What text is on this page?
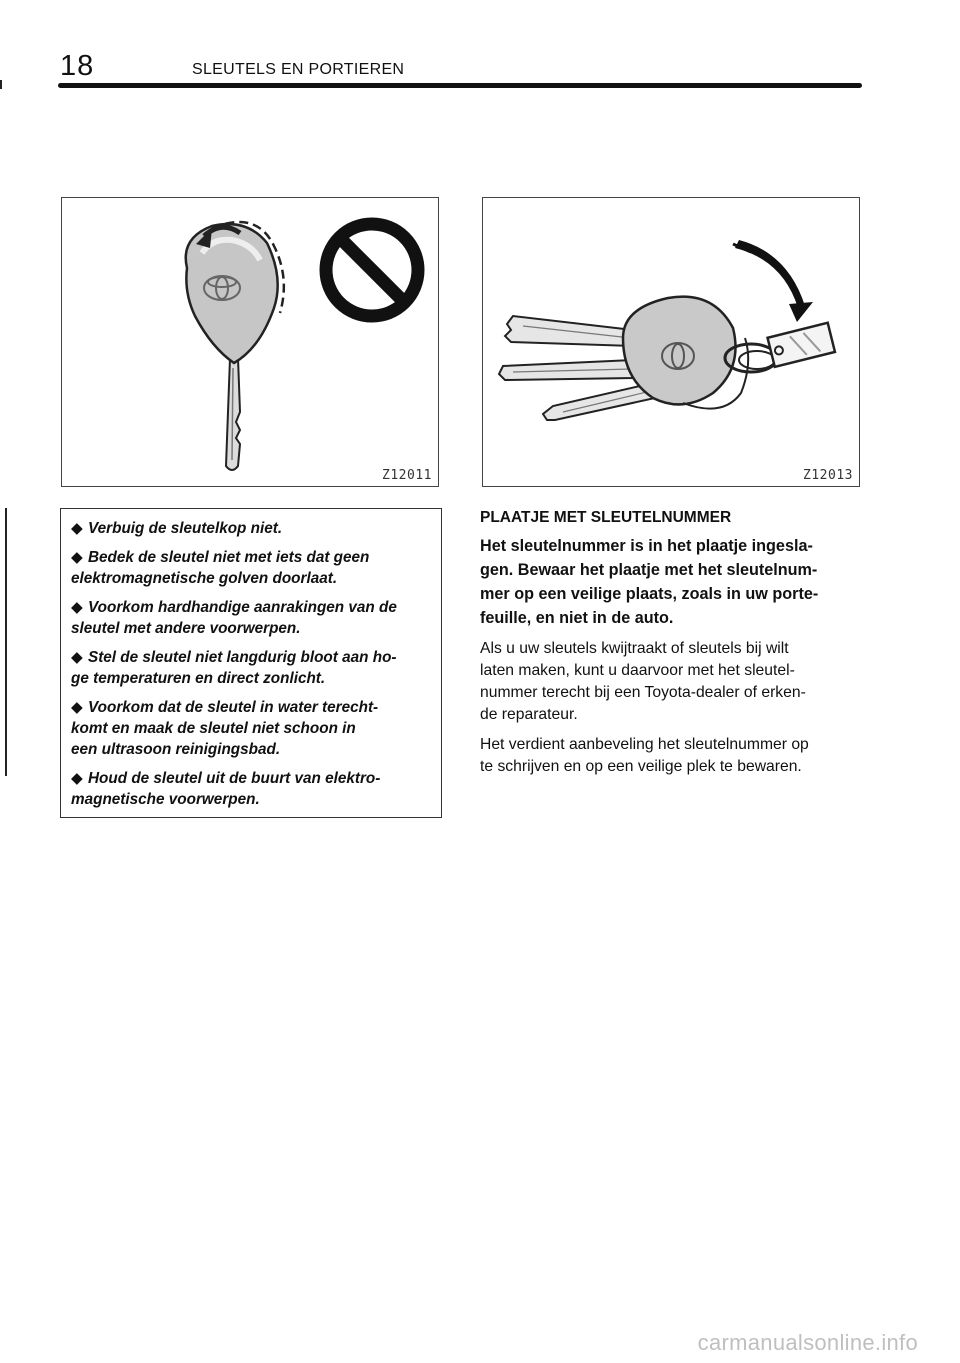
18	SLEUTELS EN PORTIEREN
Z12011	Z12013
◆ Verbuig de sleutelkop niet.
◆ Bedek de sleutel niet met iets dat geen
elektromagnetische golven doorlaat.
◆ Voorkom hardhandige aanrakingen van de
sleutel met andere voorwerpen.
◆ Stel de sleutel niet langdurig bloot aan ho‐
ge temperaturen en direct zonlicht.
◆ Voorkom dat de sleutel in water terecht‐
komt en maak de sleutel niet schoon in
een ultrasoon reinigingsbad.
◆ Houd de sleutel uit de buurt van elektro‐
magnetische voorwerpen.
PLAATJE MET SLEUTELNUMMER
Het sleutelnummer is in het plaatje ingesla‐
gen. Bewaar het plaatje met het sleutelnum‐
mer op een veilige plaats, zoals in uw porte‐
feuille, en niet in de auto.
Als u uw sleutels kwijtraakt of sleutels bij wilt
laten maken, kunt u daarvoor met het sleutel‐
nummer terecht bij een Toyota‐dealer of erken‐
de reparateur.
Het verdient aanbeveling het sleutelnummer op
te schrijven en op een veilige plek te bewaren.
carmanualsonline.info
